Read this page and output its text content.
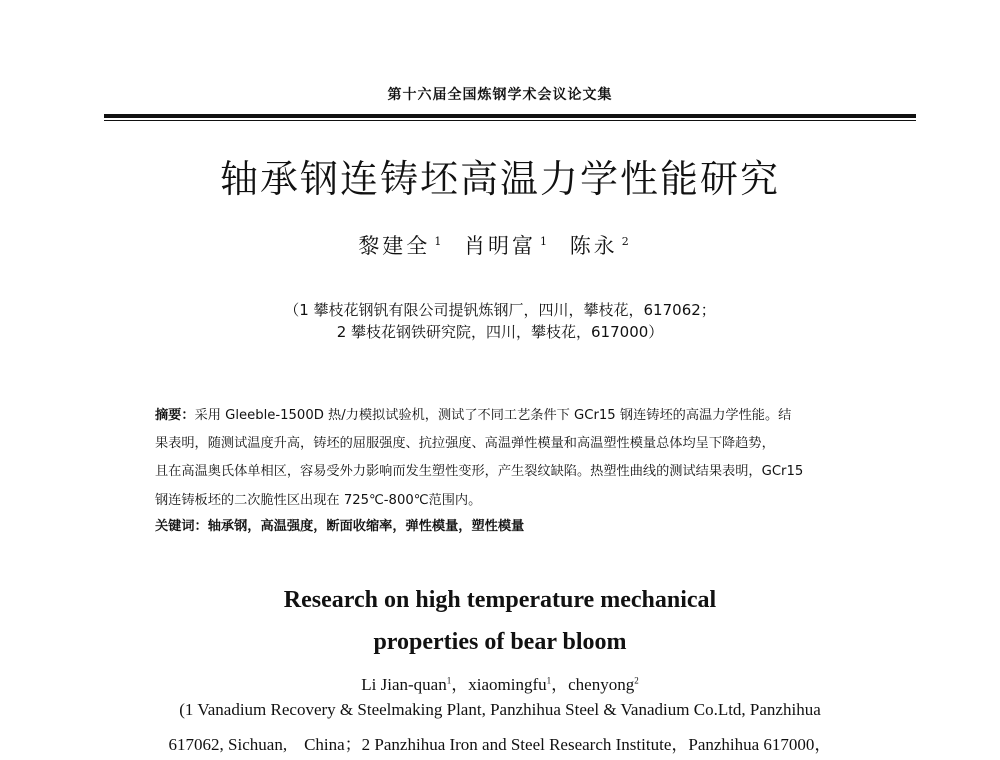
第十六届全国炼钢学术会议论文集
轴承钢连铸坯高温力学性能研究
黎建全 $^1$ 肖明富 $^1$ 陈永 $^2$
（1 攀枝花钢钒有限公司提钒炼钢厂，四川，攀枝花，617062；
2 攀枝花钢铁研究院，四川，攀枝花，617000）
摘要：采用 Gleeble-1500D 热/力模拟试验机，测试了不同工艺条件下 GCr15 钢连铸坯的高温力学性能。结
果表明，随测试温度升高，铸坯的屈服强度、抗拉强度、高温弹性模量和高温塑性模量总体均呈下降趋势，
且在高温奥氏体单相区，容易受外力影响而发生塑性变形，产生裂纹缺陷。热塑性曲线的测试结果表明，GCr15
钢连铸板坯的二次脆性区出现在 725℃-800℃范围内。
关键词：轴承钢，高温强度，断面收缩率，弹性模量，塑性模量
Research on high temperature mechanical
properties of bear bloom
Li Jian-quan$^1$，xiaomingfu$^1$，chenyong$^2$
(1 Vanadium Recovery & Steelmaking Plant, Panzhihua Steel & Vanadium Co.Ltd, Panzhihua
617062, Sichuan,　China；2 Panzhihua Iron and Steel Research Institute，Panzhihua 617000，
